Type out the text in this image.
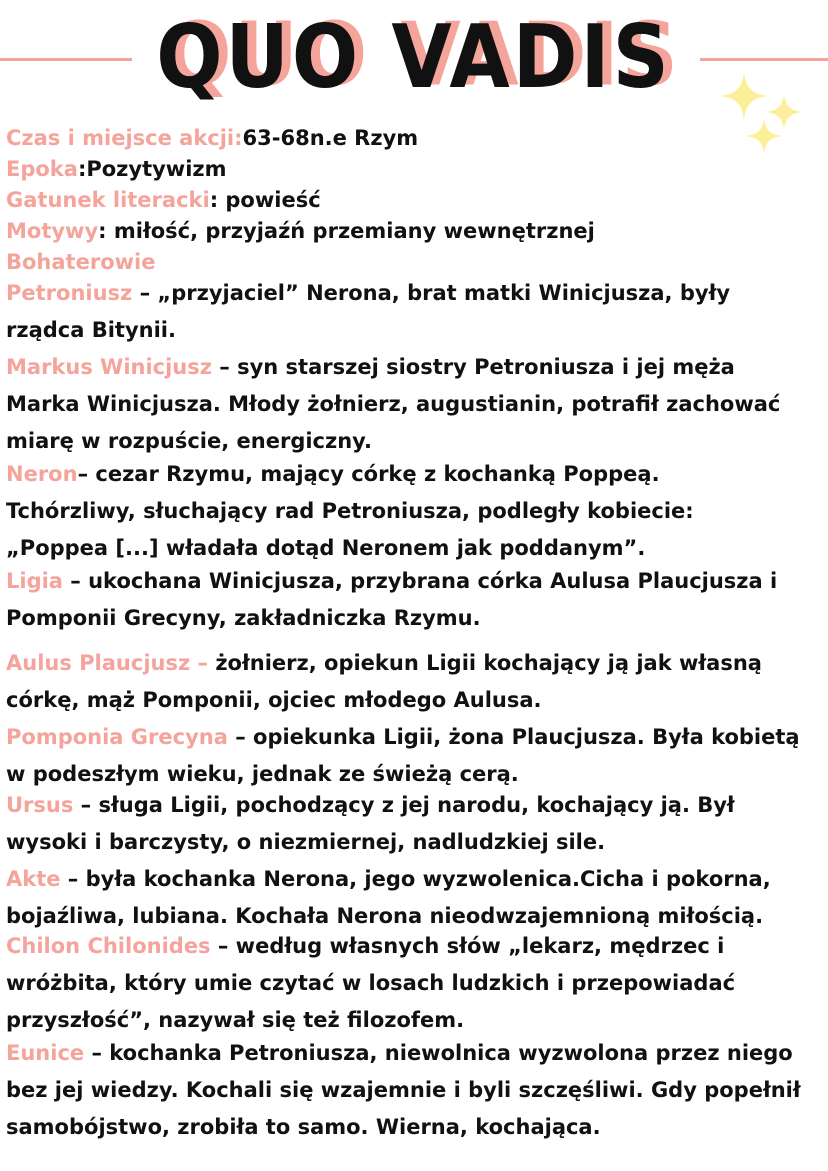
QUO VADIS

Czas i miejsce akcji:63-68n.e Rzym

Epoka:Pozytywizm

Gatunek literacki: powieść

Motywy: miłość, przyjaźń przemiany wewnętrznej

Bohaterowie

Petroniusz – „przyjaciel” Nerona, brat matki Winicjusza, były
rządca Bitynii.

Markus Winicjusz – syn starszej siostry Petroniusza i jej męża
Marka Winicjusza. Młody żołnierz, augustianin, potrafił zachować
miarę w rozpuście, energiczny.

Neron– cezar Rzymu, mający córkę z kochanką Poppeą.
Tchórzliwy, słuchający rad Petroniusza, podległy kobiecie:
„Poppea [...] władała dotąd Neronem jak poddanym”.

Ligia – ukochana Winicjusza, przybrana córka Aulusa Plaucjusza i
Pomponii Grecyny, zakładniczka Rzymu.

Aulus Plaucjusz – żołnierz, opiekun Ligii kochający ją jak własną
córkę, mąż Pomponii, ojciec młodego Aulusa.

Pomponia Grecyna – opiekunka Ligii, żona Plaucjusza. Była kobietą
w podeszłym wieku, jednak ze świeżą cerą.

Ursus – sługa Ligii, pochodzący z jej narodu, kochający ją. Był
wysoki i barczysty, o niezmiernej, nadludzkiej sile.

Akte – była kochanka Nerona, jego wyzwolenica.Cicha i pokorna,
bojaźliwa, lubiana. Kochała Nerona nieodwzajemnioną miłością.

Chilon Chilonides – według własnych słów „lekarz, mędrzec i
wróżbita, który umie czytać w losach ludzkich i przepowiadać
przyszłość”, nazywał się też filozofem.

Eunice – kochanka Petroniusza, niewolnica wyzwolona przez niego
bez jej wiedzy. Kochali się wzajemnie i byli szczęśliwi. Gdy popełnił
samobójstwo, zrobiła to samo. Wierna, kochająca.
